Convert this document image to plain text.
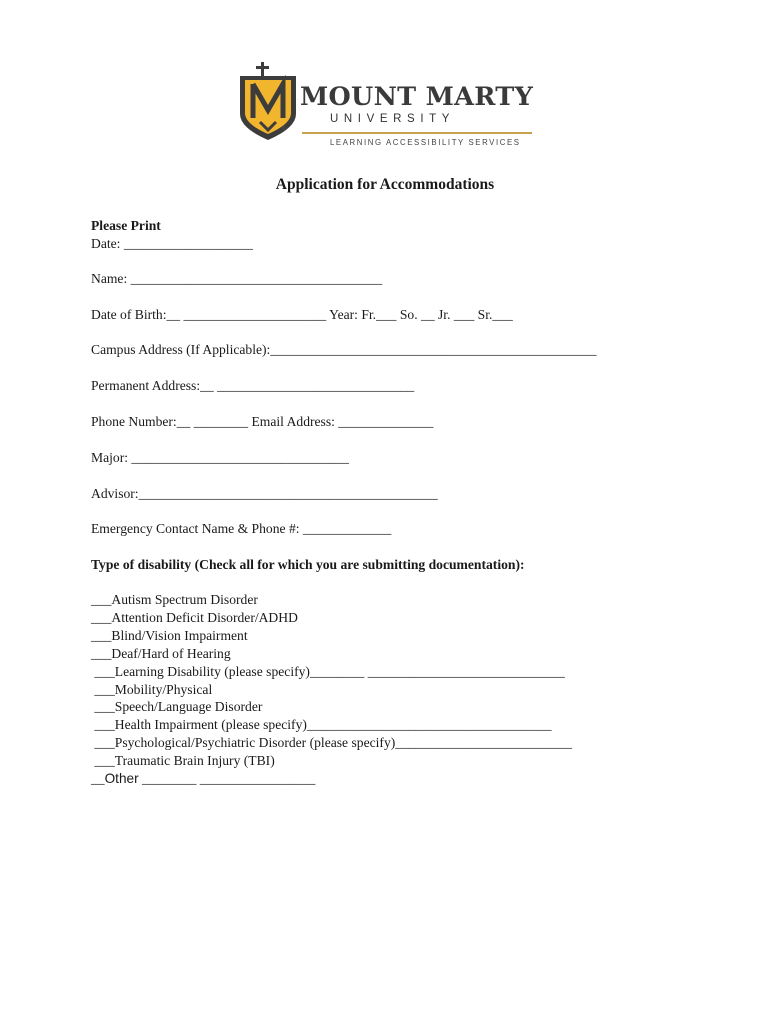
MOUNT MARTY
UNIVERSITY
LEARNING ACCESSIBILITY SERVICES
®
Application for Accommodations
Please Print
Date: ___________________
Name: _____________________________________
Date of Birth:__ _____________________ Year: Fr.___ So. __ Jr. ___ Sr.___
Campus Address (If Applicable):________________________________________________
Permanent Address:__ _____________________________
Phone Number:__ ________ Email Address: ______________
Major: ________________________________
Advisor:____________________________________________
Emergency Contact Name & Phone #: _____________
Type of disability (Check all for which you are submitting documentation):
___Autism Spectrum Disorder
___Attention Deficit Disorder/ADHD
___Blind/Vision Impairment
___Deaf/Hard of Hearing
___Learning Disability (please specify)________ _____________________________
___Mobility/Physical
___Speech/Language Disorder
___Health Impairment (please specify)____________________________________
___Psychological/Psychiatric Disorder (please specify)__________________________
___Traumatic Brain Injury (TBI)
__Other ________ _________________
